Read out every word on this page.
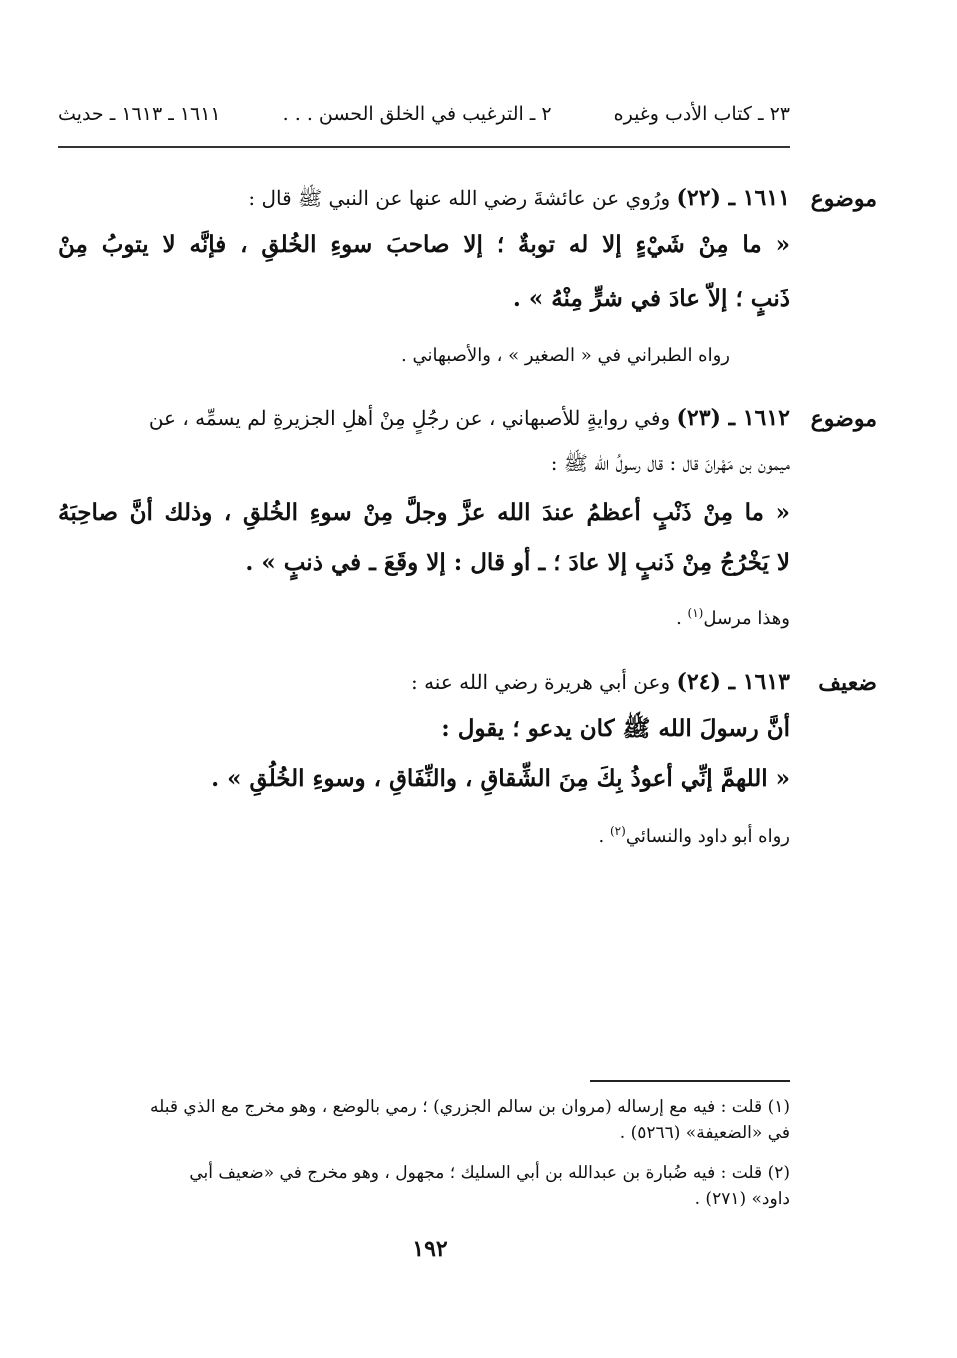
٢٣ ـ كتاب الأدب وغيره
٢ ـ الترغيب في الخلق الحسن . . .
١٦١١ ـ ١٦١٣ ـ حديث
موضوع
١٦١١ ـ (٢٢) ورُوي عن عائشةَ رضي الله عنها عن النبي ﷺ قال :
« ما مِنْ شَيْءٍ إلا له توبةٌ ؛ إلا صاحبَ سوءِ الخُلقِ ، فإنَّه لا يتوبُ مِنْ
ذَنبٍ ؛ إلاّ عادَ في شرٍّ مِنْهُ » .
رواه الطبراني في « الصغير » ، والأصبهاني .
موضوع
١٦١٢ ـ (٢٣) وفي روايةٍ للأصبهاني ، عن رجُلٍ مِنْ أهلِ الجزيرةِ لم يسمِّه ، عن
ميمون بن مَهْرانَ قال : قال رسولُ الله ﷺ :
« ما مِنْ ذَنْبٍ أعظمُ عندَ الله عزَّ وجلَّ مِنْ سوءِ الخُلقِ ، وذلك أنَّ صاحِبَهُ
لا يَخْرُجُ مِنْ ذَنبٍ إلا عادَ ؛ ـ أو قال : إلا وقَعَ ـ في ذنبٍ » .
وهذا مرسل$^{(١)}$ .
ضعيف
١٦١٣ ـ (٢٤) وعن أبي هريرة رضي الله عنه :
أنَّ رسولَ الله ﷺ كان يدعو ؛ يقول :
« اللهمَّ إنِّي أعوذُ بِكَ مِنَ الشِّقاقِ ، والنِّفَاقِ ، وسوءِ الخُلُقِ » .
رواه أبو داود والنسائي$^{(٢)}$ .
(١) قلت : فيه مع إرساله (مروان بن سالم الجزري) ؛ رمي بالوضع ، وهو مخرج مع الذي قبله
في «الضعيفة» (٥٢٦٦) .
(٢) قلت : فيه ضُبارة بن عبدالله بن أبي السليك ؛ مجهول ، وهو مخرج في «ضعيف أبي
داود» (٢٧١) .
١٩٢
